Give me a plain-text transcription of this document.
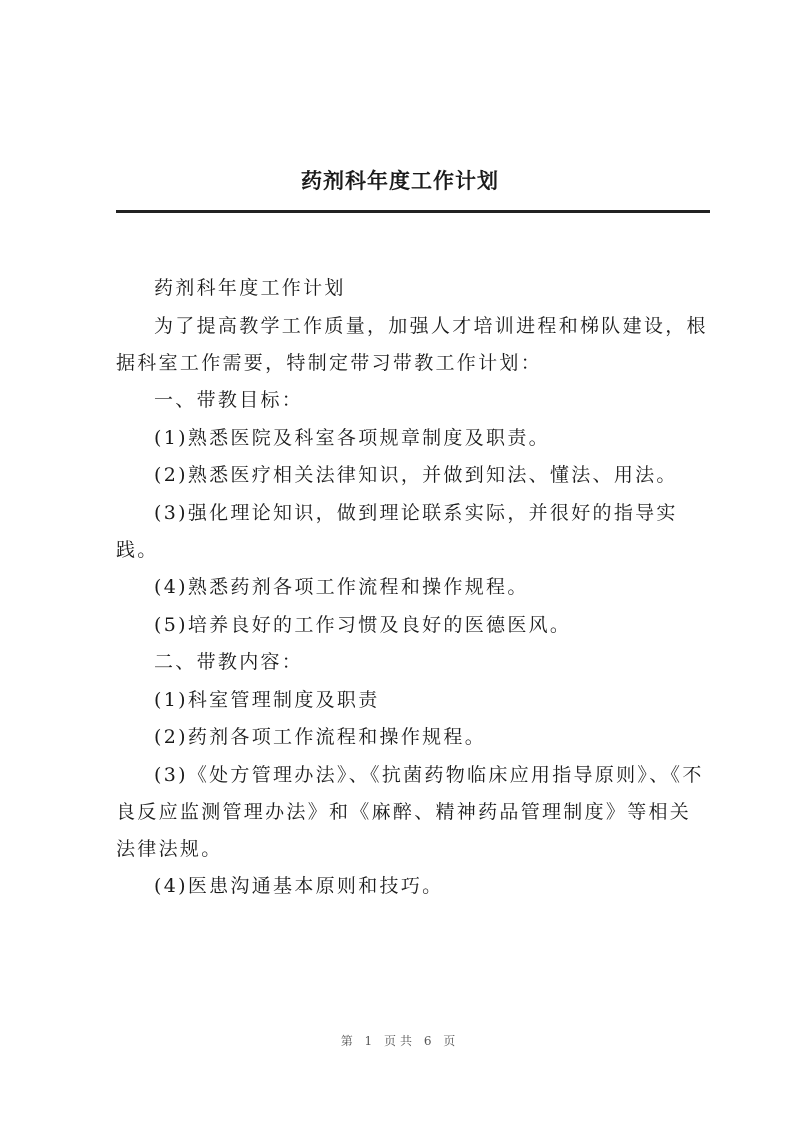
药剂科年度工作计划

药剂科年度工作计划

为了提高教学工作质量，加强人才培训进程和梯队建设，根据科室工作需要，特制定带习带教工作计划：

一、带教目标：

(1)熟悉医院及科室各项规章制度及职责。

(2)熟悉医疗相关法律知识，并做到知法、懂法、用法。

(3)强化理论知识，做到理论联系实际，并很好的指导实践。

(4)熟悉药剂各项工作流程和操作规程。

(5)培养良好的工作习惯及良好的医德医风。

二、带教内容：

(1)科室管理制度及职责

(2)药剂各项工作流程和操作规程。

(3)《处方管理办法》、《抗菌药物临床应用指导原则》、《不良反应监测管理办法》和《麻醉、精神药品管理制度》等相关法律法规。

(4)医患沟通基本原则和技巧。

第 1 页共 6 页
